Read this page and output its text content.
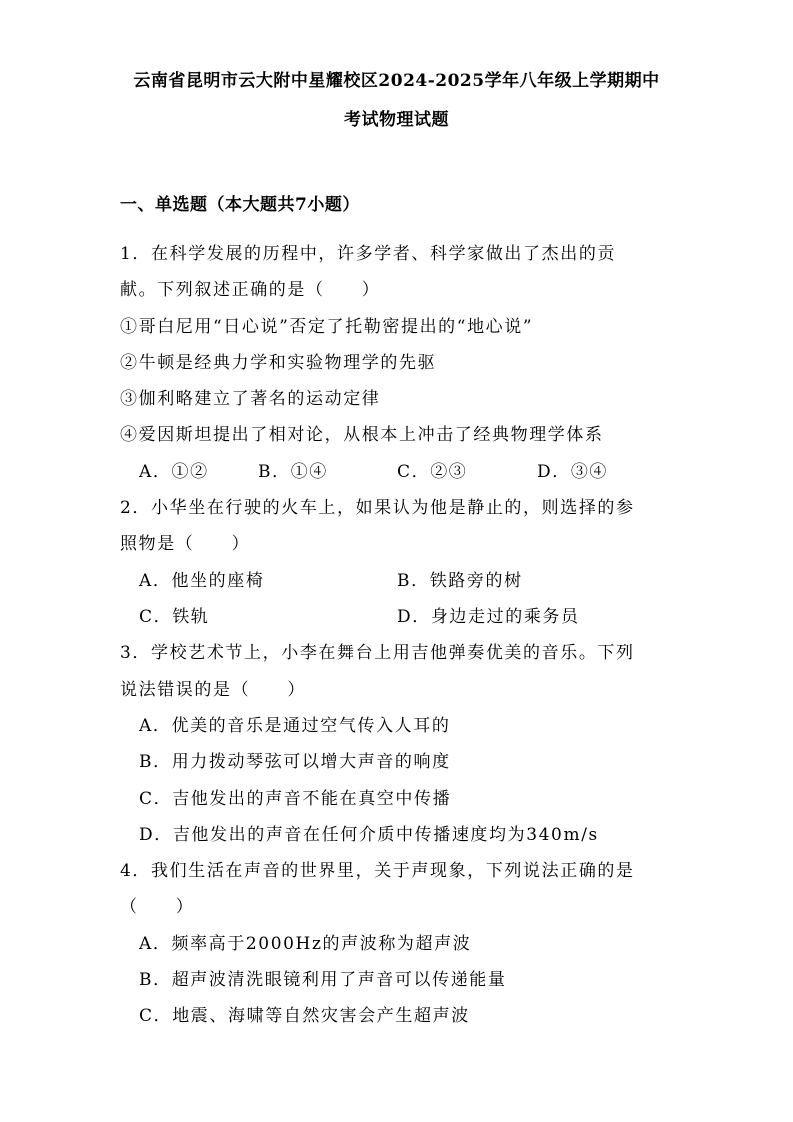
云南省昆明市云大附中星耀校区2024-2025学年八年级上学期期中
考试物理试题
一、单选题（本大题共7小题）
1．在科学发展的历程中，许多学者、科学家做出了杰出的贡
献。下列叙述正确的是（　　）
①哥白尼用“日心说”否定了托勒密提出的“地心说”
②牛顿是经典力学和实验物理学的先驱
③伽利略建立了著名的运动定律
④爱因斯坦提出了相对论，从根本上冲击了经典物理学体系
A．①②	B．①④	C．②③	D．③④
2．小华坐在行驶的火车上，如果认为他是静止的，则选择的参
照物是（　　）
A．他坐的座椅	B．铁路旁的树
C．铁轨	D．身边走过的乘务员
3．学校艺术节上，小李在舞台上用吉他弹奏优美的音乐。下列
说法错误的是（　　）
A．优美的音乐是通过空气传入人耳的
B．用力拨动琴弦可以增大声音的响度
C．吉他发出的声音不能在真空中传播
D．吉他发出的声音在任何介质中传播速度均为340m/s
4．我们生活在声音的世界里，关于声现象，下列说法正确的是
（　　）
A．频率高于2000Hz的声波称为超声波
B．超声波清洗眼镜利用了声音可以传递能量
C．地震、海啸等自然灾害会产生超声波
